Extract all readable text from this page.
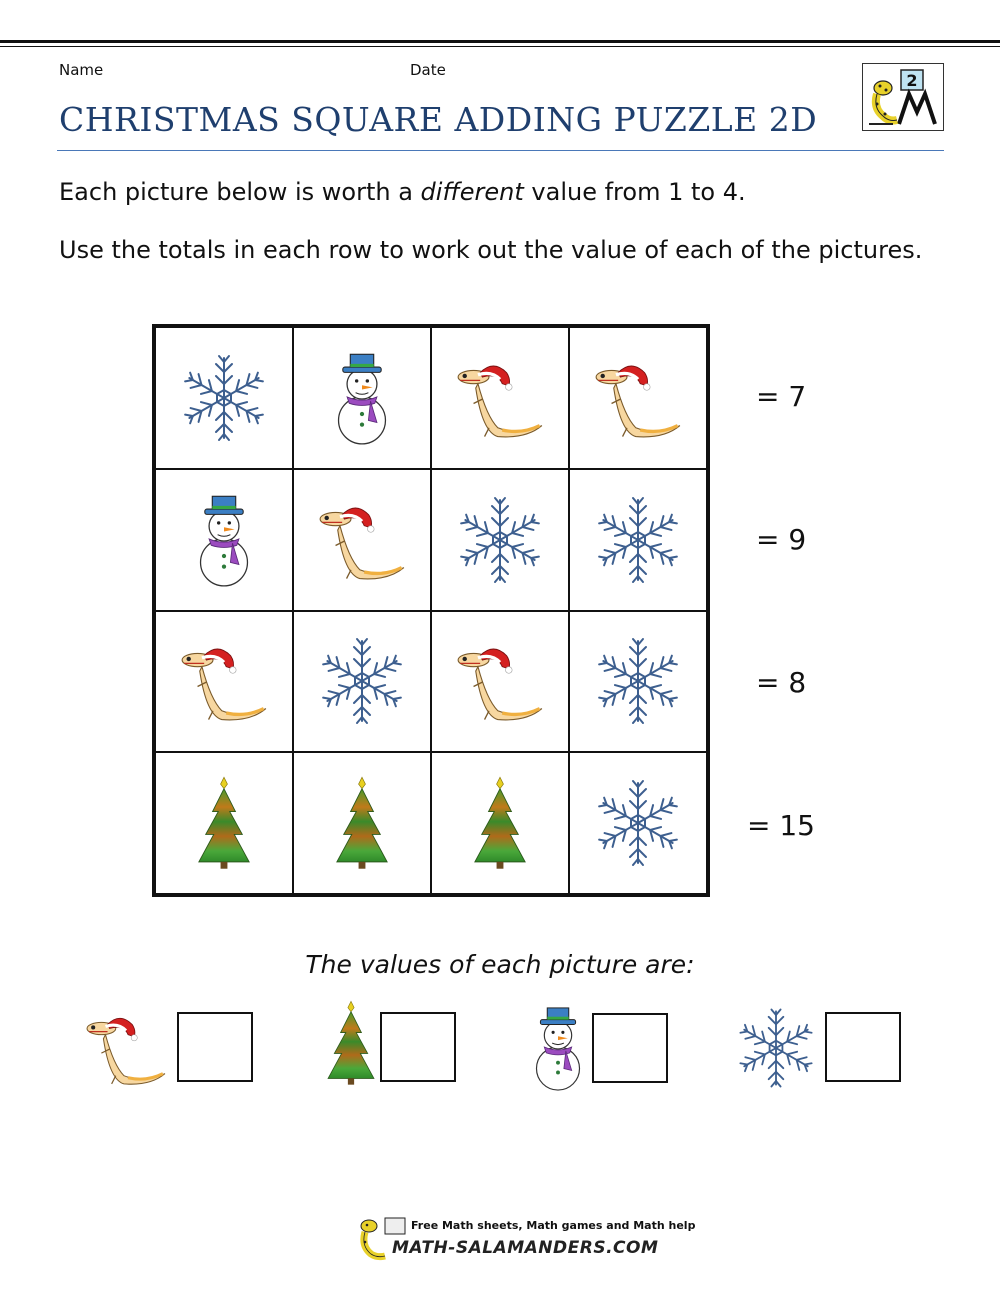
Name	Date
CHRISTMAS SQUARE ADDING PUZZLE 2D
2
Each picture below is worth a different value from 1 to 4.
Use the totals in each row to work out the value of each of the pictures.
= 7
= 9
= 8
= 15
The values of each picture are:
Free Math sheets, Math games and Math help
MATH-SALAMANDERS.COM
